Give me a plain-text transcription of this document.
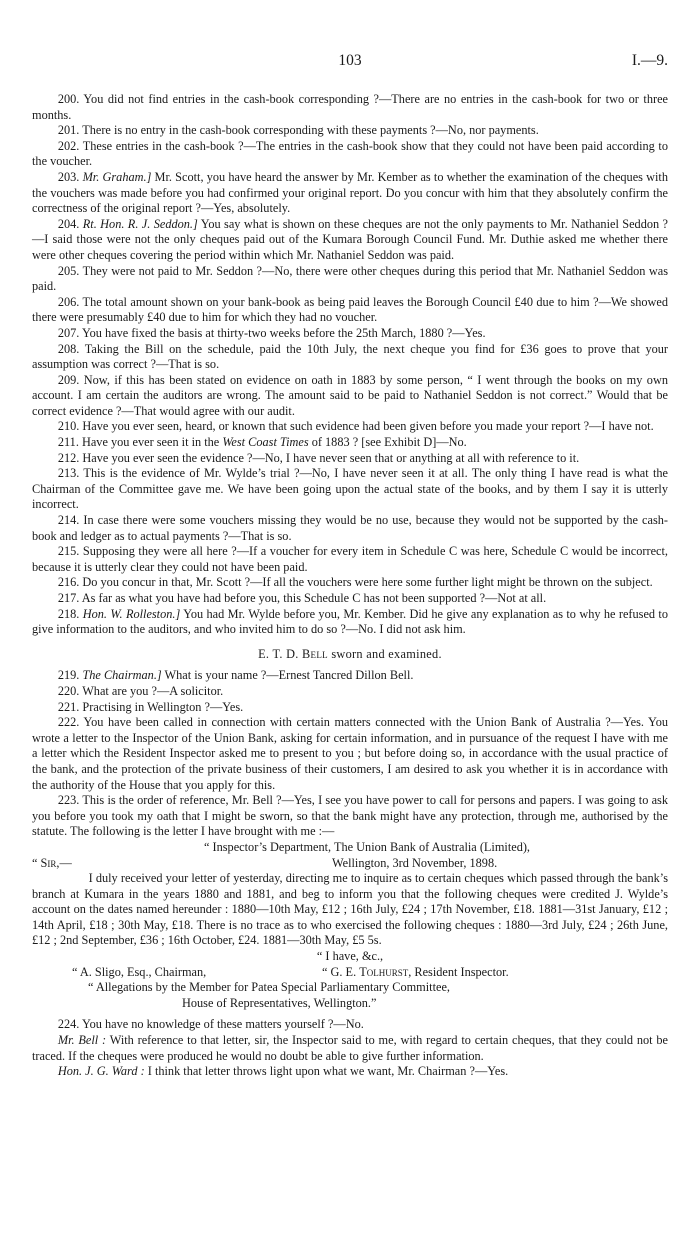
103	I.—9.

200. You did not find entries in the cash-book corresponding ?—There are no entries in the cash-book for two or three months.

201. There is no entry in the cash-book corresponding with these payments ?—No, nor payments.

202. These entries in the cash-book ?—The entries in the cash-book show that they could not have been paid according to the voucher.

203. Mr. Graham.] Mr. Scott, you have heard the answer by Mr. Kember as to whether the examination of the cheques with the vouchers was made before you had confirmed your original report. Do you concur with him that they absolutely confirm the correctness of the original report ?—Yes, absolutely.

204. Rt. Hon. R. J. Seddon.] You say what is shown on these cheques are not the only payments to Mr. Nathaniel Seddon ?—I said those were not the only cheques paid out of the Kumara Borough Council Fund. Mr. Duthie asked me whether there were other cheques covering the period within which Mr. Nathaniel Seddon was paid.

205. They were not paid to Mr. Seddon ?—No, there were other cheques during this period that Mr. Nathaniel Seddon was paid.

206. The total amount shown on your bank-book as being paid leaves the Borough Council £40 due to him ?—We showed there were presumably £40 due to him for which they had no voucher.

207. You have fixed the basis at thirty-two weeks before the 25th March, 1880 ?—Yes.

208. Taking the Bill on the schedule, paid the 10th July, the next cheque you find for £36 goes to prove that your assumption was correct ?—That is so.

209. Now, if this has been stated on evidence on oath in 1883 by some person, “ I went through the books on my own account. I am certain the auditors are wrong. The amount said to be paid to Nathaniel Seddon is not correct.” Would that be correct evidence ?—That would agree with our audit.

210. Have you ever seen, heard, or known that such evidence had been given before you made your report ?—I have not.

211. Have you ever seen it in the West Coast Times of 1883 ? [see Exhibit D]—No.

212. Have you ever seen the evidence ?—No, I have never seen that or anything at all with reference to it.

213. This is the evidence of Mr. Wylde’s trial ?—No, I have never seen it at all. The only thing I have read is what the Chairman of the Committee gave me. We have been going upon the actual state of the books, and by them I say it is utterly incorrect.

214. In case there were some vouchers missing they would be no use, because they would not be supported by the cash-book and ledger as to actual payments ?—That is so.

215. Supposing they were all here ?—If a voucher for every item in Schedule C was here, Schedule C would be incorrect, because it is utterly clear they could not have been paid.

216. Do you concur in that, Mr. Scott ?—If all the vouchers were here some further light might be thrown on the subject.

217. As far as what you have had before you, this Schedule C has not been supported ?—Not at all.

218. Hon. W. Rolleston.] You had Mr. Wylde before you, Mr. Kember. Did he give any explanation as to why he refused to give information to the auditors, and who invited him to do so ?—No. I did not ask him.

E. T. D. Bell sworn and examined.

219. The Chairman.] What is your name ?—Ernest Tancred Dillon Bell.

220. What are you ?—A solicitor.

221. Practising in Wellington ?—Yes.

222. You have been called in connection with certain matters connected with the Union Bank of Australia ?—Yes. You wrote a letter to the Inspector of the Union Bank, asking for certain information, and in pursuance of the request I have with me a letter which the Resident Inspector asked me to present to you ; but before doing so, in accordance with the usual practice of the bank, and the protection of the private business of their customers, I am desired to ask you whether it is in accordance with the authority of the House that you apply for this.

223. This is the order of reference, Mr. Bell ?—Yes, I see you have power to call for persons and papers. I was going to ask you before you took my oath that I might be sworn, so that the bank might have any protection, through me, authorised by the statute. The following is the letter I have brought with me :—

“ Inspector’s Department, The Union Bank of Australia (Limited),

“ Sir,—	Wellington, 3rd November, 1898.

I duly received your letter of yesterday, directing me to inquire as to certain cheques which passed through the bank’s branch at Kumara in the years 1880 and 1881, and beg to inform you that the following cheques were credited J. Wylde’s account on the dates named hereunder : 1880—10th May, £12 ; 16th July, £24 ; 17th November, £18. 1881—31st January, £12 ; 14th April, £18 ; 30th May, £18. There is no trace as to who exercised the following cheques : 1880—3rd July, £24 ; 26th June, £12 ; 2nd September, £36 ; 16th October, £24. 1881—30th May, £5 5s.

“ I have, &c.,

“ A. Sligo, Esq., Chairman,	“ G. E. Tolhurst, Resident Inspector.

“ Allegations by the Member for Patea Special Parliamentary Committee,

House of Representatives, Wellington.”

224. You have no knowledge of these matters yourself ?—No.

Mr. Bell : With reference to that letter, sir, the Inspector said to me, with regard to certain cheques, that they could not be traced. If the cheques were produced he would no doubt be able to give further information.

Hon. J. G. Ward : I think that letter throws light upon what we want, Mr. Chairman ?—Yes.
